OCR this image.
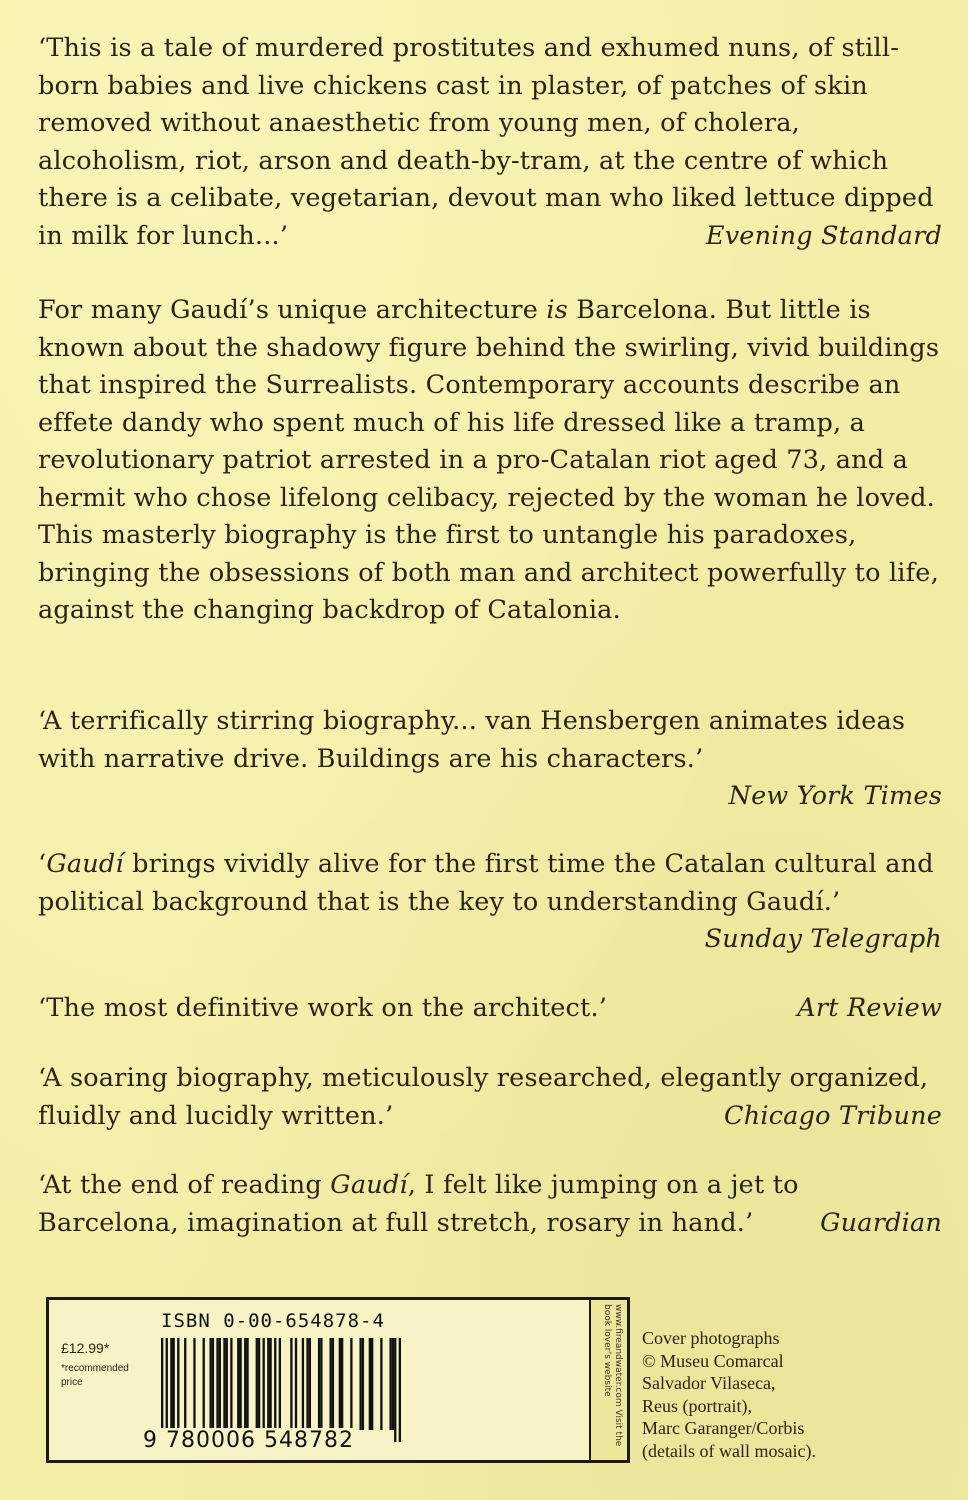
‘This is a tale of murdered prostitutes and exhumed nuns, of still-born babies and live chickens cast in plaster, of patches of skin removed without anaesthetic from young men, of cholera, alcoholism, riot, arson and death-by-tram, at the centre of which there is a celibate, vegetarian, devout man who liked lettuce dipped in milk for lunch...’	Evening Standard

For many Gaudí’s unique architecture is Barcelona. But little is known about the shadowy figure behind the swirling, vivid buildings that inspired the Surrealists. Contemporary accounts describe an effete dandy who spent much of his life dressed like a tramp, a revolutionary patriot arrested in a pro-Catalan riot aged 73, and a hermit who chose lifelong celibacy, rejected by the woman he loved. This masterly biography is the first to untangle his paradoxes, bringing the obsessions of both man and architect powerfully to life, against the changing backdrop of Catalonia.

‘A terrifically stirring biography... van Hensbergen animates ideas with narrative drive. Buildings are his characters.’

New York Times

‘Gaudí brings vividly alive for the first time the Catalan cultural and political background that is the key to understanding Gaudí.’

Sunday Telegraph

‘The most definitive work on the architect.’	Art Review

‘A soaring biography, meticulously researched, elegantly organized, fluidly and lucidly written.’	Chicago Tribune

‘At the end of reading Gaudí, I felt like jumping on a jet to Barcelona, imagination at full stretch, rosary in hand.’	Guardian

ISBN 0-00-654878-4
£12.99*
*recommended price
9 780006 548782	www.fireandwater.com Visit the book lover’s website	Cover photographs
© Museu Comarcal
Salvador Vilaseca,
Reus (portrait),
Marc Garanger/Corbis
(details of wall mosaic).
